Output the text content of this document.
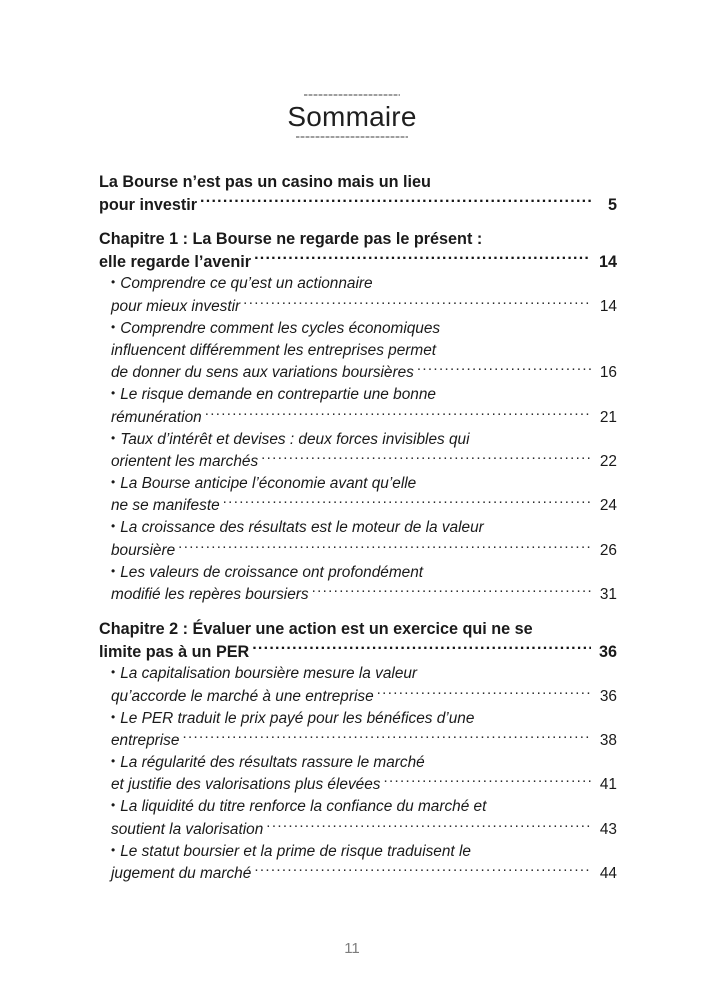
Sommaire
La Bourse n’est pas un casino mais un lieu
pour investir .....	5
Chapitre 1 : La Bourse ne regarde pas le présent :
elle regarde l’avenir .....	14
• Comprendre ce qu’est un actionnaire
pour mieux investir .....	14
• Comprendre comment les cycles économiques
influencent différemment les entreprises permet
de donner du sens aux variations boursières .....	16
• Le risque demande en contrepartie une bonne
rémunération .....	21
• Taux d’intérêt et devises : deux forces invisibles qui
orientent les marchés .....	22
• La Bourse anticipe l’économie avant qu’elle
ne se manifeste .....	24
• La croissance des résultats est le moteur de la valeur
boursière .....	26
• Les valeurs de croissance ont profondément
modifié les repères boursiers .....	31
Chapitre 2 : Évaluer une action est un exercice qui ne se
limite pas à un PER .....	36
• La capitalisation boursière mesure la valeur
qu’accorde le marché à une entreprise .....	36
• Le PER traduit le prix payé pour les bénéfices d’une
entreprise .....	38
• La régularité des résultats rassure le marché
et justifie des valorisations plus élevées .....	41
• La liquidité du titre renforce la confiance du marché et
soutient la valorisation .....	43
• Le statut boursier et la prime de risque traduisent le
jugement du marché .....	44
11
